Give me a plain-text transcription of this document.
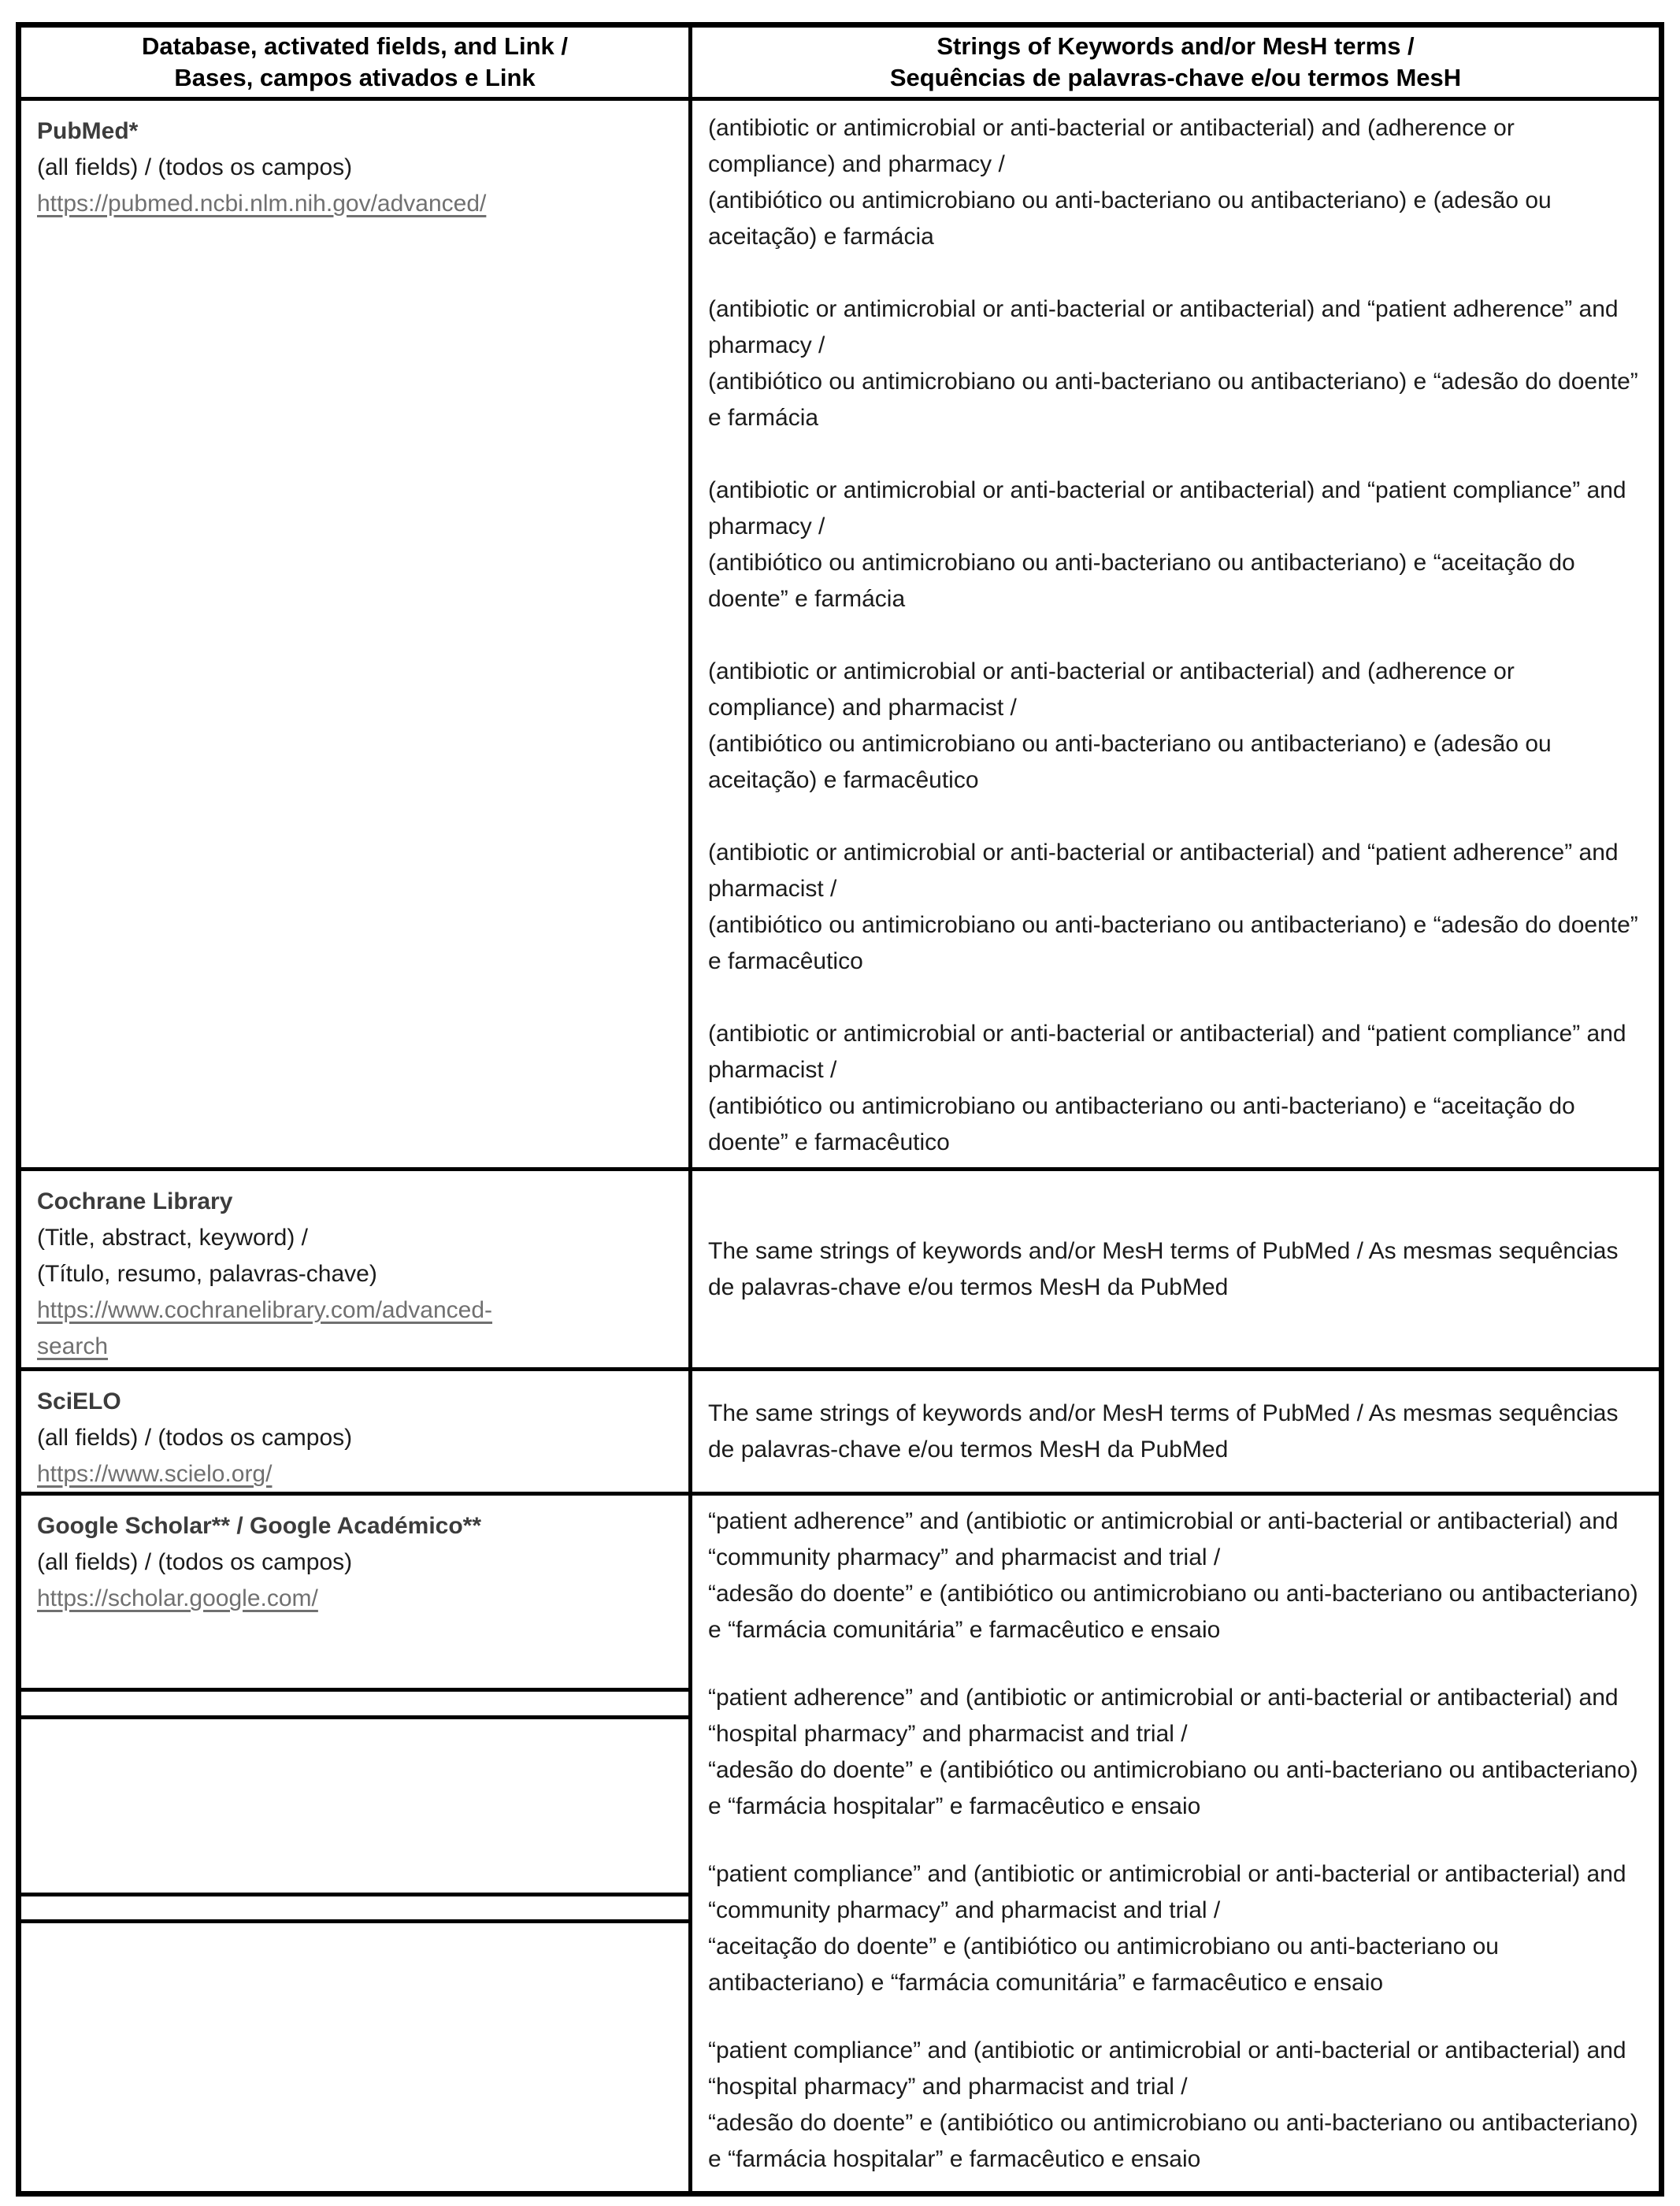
Database, activated fields, and Link /
Bases, campos ativados e Link
Strings of Keywords and/or MesH terms /
Sequências de palavras-chave e/ou termos MesH
PubMed*
(all fields) / (todos os campos)
https://pubmed.ncbi.nlm.nih.gov/advanced/

(antibiotic or antimicrobial or anti-bacterial or antibacterial) and (adherence or compliance) and pharmacy /
(antibiótico ou antimicrobiano ou anti-bacteriano ou antibacteriano) e (adesão ou aceitação) e farmácia

(antibiotic or antimicrobial or anti-bacterial or antibacterial) and “patient adherence” and pharmacy /
(antibiótico ou antimicrobiano ou anti-bacteriano ou antibacteriano) e “adesão do doente” e farmácia

(antibiotic or antimicrobial or anti-bacterial or antibacterial) and “patient compliance” and pharmacy /
(antibiótico ou antimicrobiano ou anti-bacteriano ou antibacteriano) e “aceitação do doente” e farmácia

(antibiotic or antimicrobial or anti-bacterial or antibacterial) and (adherence or compliance) and pharmacist /
(antibiótico ou antimicrobiano ou anti-bacteriano ou antibacteriano) e (adesão ou aceitação) e farmacêutico

(antibiotic or antimicrobial or anti-bacterial or antibacterial) and “patient adherence” and pharmacist /
(antibiótico ou antimicrobiano ou anti-bacteriano ou antibacteriano) e “adesão do doente” e farmacêutico

(antibiotic or antimicrobial or anti-bacterial or antibacterial) and “patient compliance” and pharmacist /
(antibiótico ou antimicrobiano ou antibacteriano ou anti-bacteriano) e “aceitação do doente” e farmacêutico

Cochrane Library
(Title, abstract, keyword) /
(Título, resumo, palavras-chave)
https://www.cochranelibrary.com/advanced-search

The same strings of keywords and/or MesH terms of PubMed / As mesmas sequências de palavras-chave e/ou termos MesH da PubMed

SciELO
(all fields) / (todos os campos)
https://www.scielo.org/

The same strings of keywords and/or MesH terms of PubMed / As mesmas sequências de palavras-chave e/ou termos MesH da PubMed

Google Scholar** / Google Académico**
(all fields) / (todos os campos)
https://scholar.google.com/

“patient adherence” and (antibiotic or antimicrobial or anti-bacterial or antibacterial) and “community pharmacy” and pharmacist and trial /
“adesão do doente” e (antibiótico ou antimicrobiano ou anti-bacteriano ou antibacteriano) e “farmácia comunitária” e farmacêutico e ensaio

“patient adherence” and (antibiotic or antimicrobial or anti-bacterial or antibacterial) and “hospital pharmacy” and pharmacist and trial /
“adesão do doente” e (antibiótico ou antimicrobiano ou anti-bacteriano ou antibacteriano) e “farmácia hospitalar” e farmacêutico e ensaio

“patient compliance” and (antibiotic or antimicrobial or anti-bacterial or antibacterial) and “community pharmacy” and pharmacist and trial /
“aceitação do doente” e (antibiótico ou antimicrobiano ou anti-bacteriano ou antibacteriano) e “farmácia comunitária” e farmacêutico e ensaio

“patient compliance” and (antibiotic or antimicrobial or anti-bacterial or antibacterial) and “hospital pharmacy” and pharmacist and trial /
“adesão do doente” e (antibiótico ou antimicrobiano ou anti-bacteriano ou antibacteriano) e “farmácia hospitalar” e farmacêutico e ensaio
